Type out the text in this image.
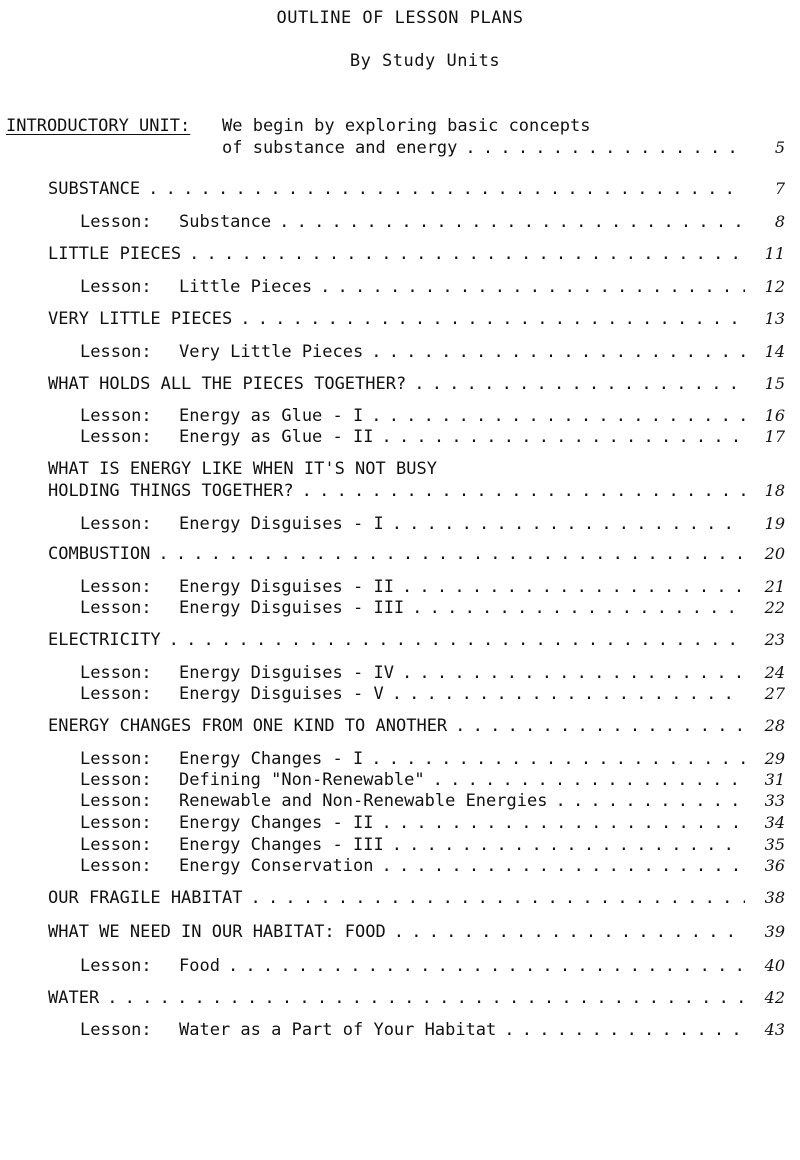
OUTLINE OF LESSON PLANS
By Study Units
INTRODUCTORY UNIT: We begin by exploring basic concepts
of substance and energy . . .	5
SUBSTANCE . . .	7
Lesson:	Substance . . .	8
LITTLE PIECES . . .	11
Lesson:	Little Pieces . . .	12
VERY LITTLE PIECES . . .	13
Lesson:	Very Little Pieces . . .	14
WHAT HOLDS ALL THE PIECES TOGETHER? . . .	15
Lesson:	Energy as Glue - I . . .	16
Lesson:	Energy as Glue - II . . .	17
WHAT IS ENERGY LIKE WHEN IT'S NOT BUSY
HOLDING THINGS TOGETHER? . . .	18
Lesson:	Energy Disguises - I . . .	19
COMBUSTION . . .	20
Lesson:	Energy Disguises - II . . .	21
Lesson:	Energy Disguises - III . . .	22
ELECTRICITY . . .	23
Lesson:	Energy Disguises - IV . . .	24
Lesson:	Energy Disguises - V . . .	27
ENERGY CHANGES FROM ONE KIND TO ANOTHER . . .	28
Lesson:	Energy Changes - I . . .	29
Lesson:	Defining "Non-Renewable" . . .	31
Lesson:	Renewable and Non-Renewable Energies . . .	33
Lesson:	Energy Changes - II . . .	34
Lesson:	Energy Changes - III . . .	35
Lesson:	Energy Conservation . . .	36
OUR FRAGILE HABITAT . . .	38
WHAT WE NEED IN OUR HABITAT: FOOD . . .	39
Lesson:	Food . . .	40
WATER . . .	42
Lesson:	Water as a Part of Your Habitat . . .	43
